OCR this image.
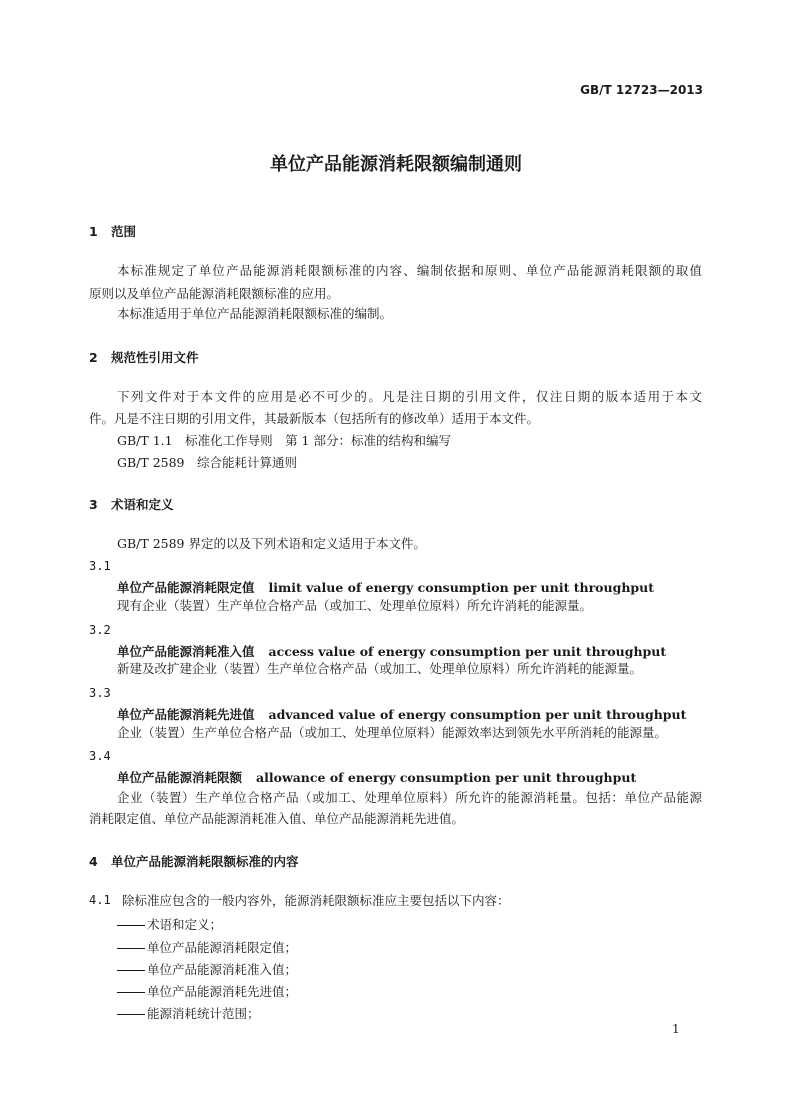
GB/T 12723—2013
单位产品能源消耗限额编制通则
1 范围
本标准规定了单位产品能源消耗限额标准的内容、编制依据和原则、单位产品能源消耗限额的取值
原则以及单位产品能源消耗限额标准的应用。
本标准适用于单位产品能源消耗限额标准的编制。
2 规范性引用文件
下列文件对于本文件的应用是必不可少的。凡是注日期的引用文件，仅注日期的版本适用于本文
件。凡是不注日期的引用文件，其最新版本（包括所有的修改单）适用于本文件。
GB/T 1.1　标准化工作导则　第 1 部分：标准的结构和编写
GB/T 2589　综合能耗计算通则
3 术语和定义
GB/T 2589 界定的以及下列术语和定义适用于本文件。
3.1
单位产品能源消耗限定值 limit value of energy consumption per unit throughput
现有企业（装置）生产单位合格产品（或加工、处理单位原料）所允许消耗的能源量。
3.2
单位产品能源消耗准入值 access value of energy consumption per unit throughput
新建及改扩建企业（装置）生产单位合格产品（或加工、处理单位原料）所允许消耗的能源量。
3.3
单位产品能源消耗先进值 advanced value of energy consumption per unit throughput
企业（装置）生产单位合格产品（或加工、处理单位原料）能源效率达到领先水平所消耗的能源量。
3.4
单位产品能源消耗限额 allowance of energy consumption per unit throughput
企业（装置）生产单位合格产品（或加工、处理单位原料）所允许的能源消耗量。包括：单位产品能源
消耗限定值、单位产品能源消耗准入值、单位产品能源消耗先进值。
4 单位产品能源消耗限额标准的内容
4.1 除标准应包含的一般内容外，能源消耗限额标准应主要包括以下内容：
术语和定义；
单位产品能源消耗限定值；
单位产品能源消耗准入值；
单位产品能源消耗先进值；
能源消耗统计范围；
1
